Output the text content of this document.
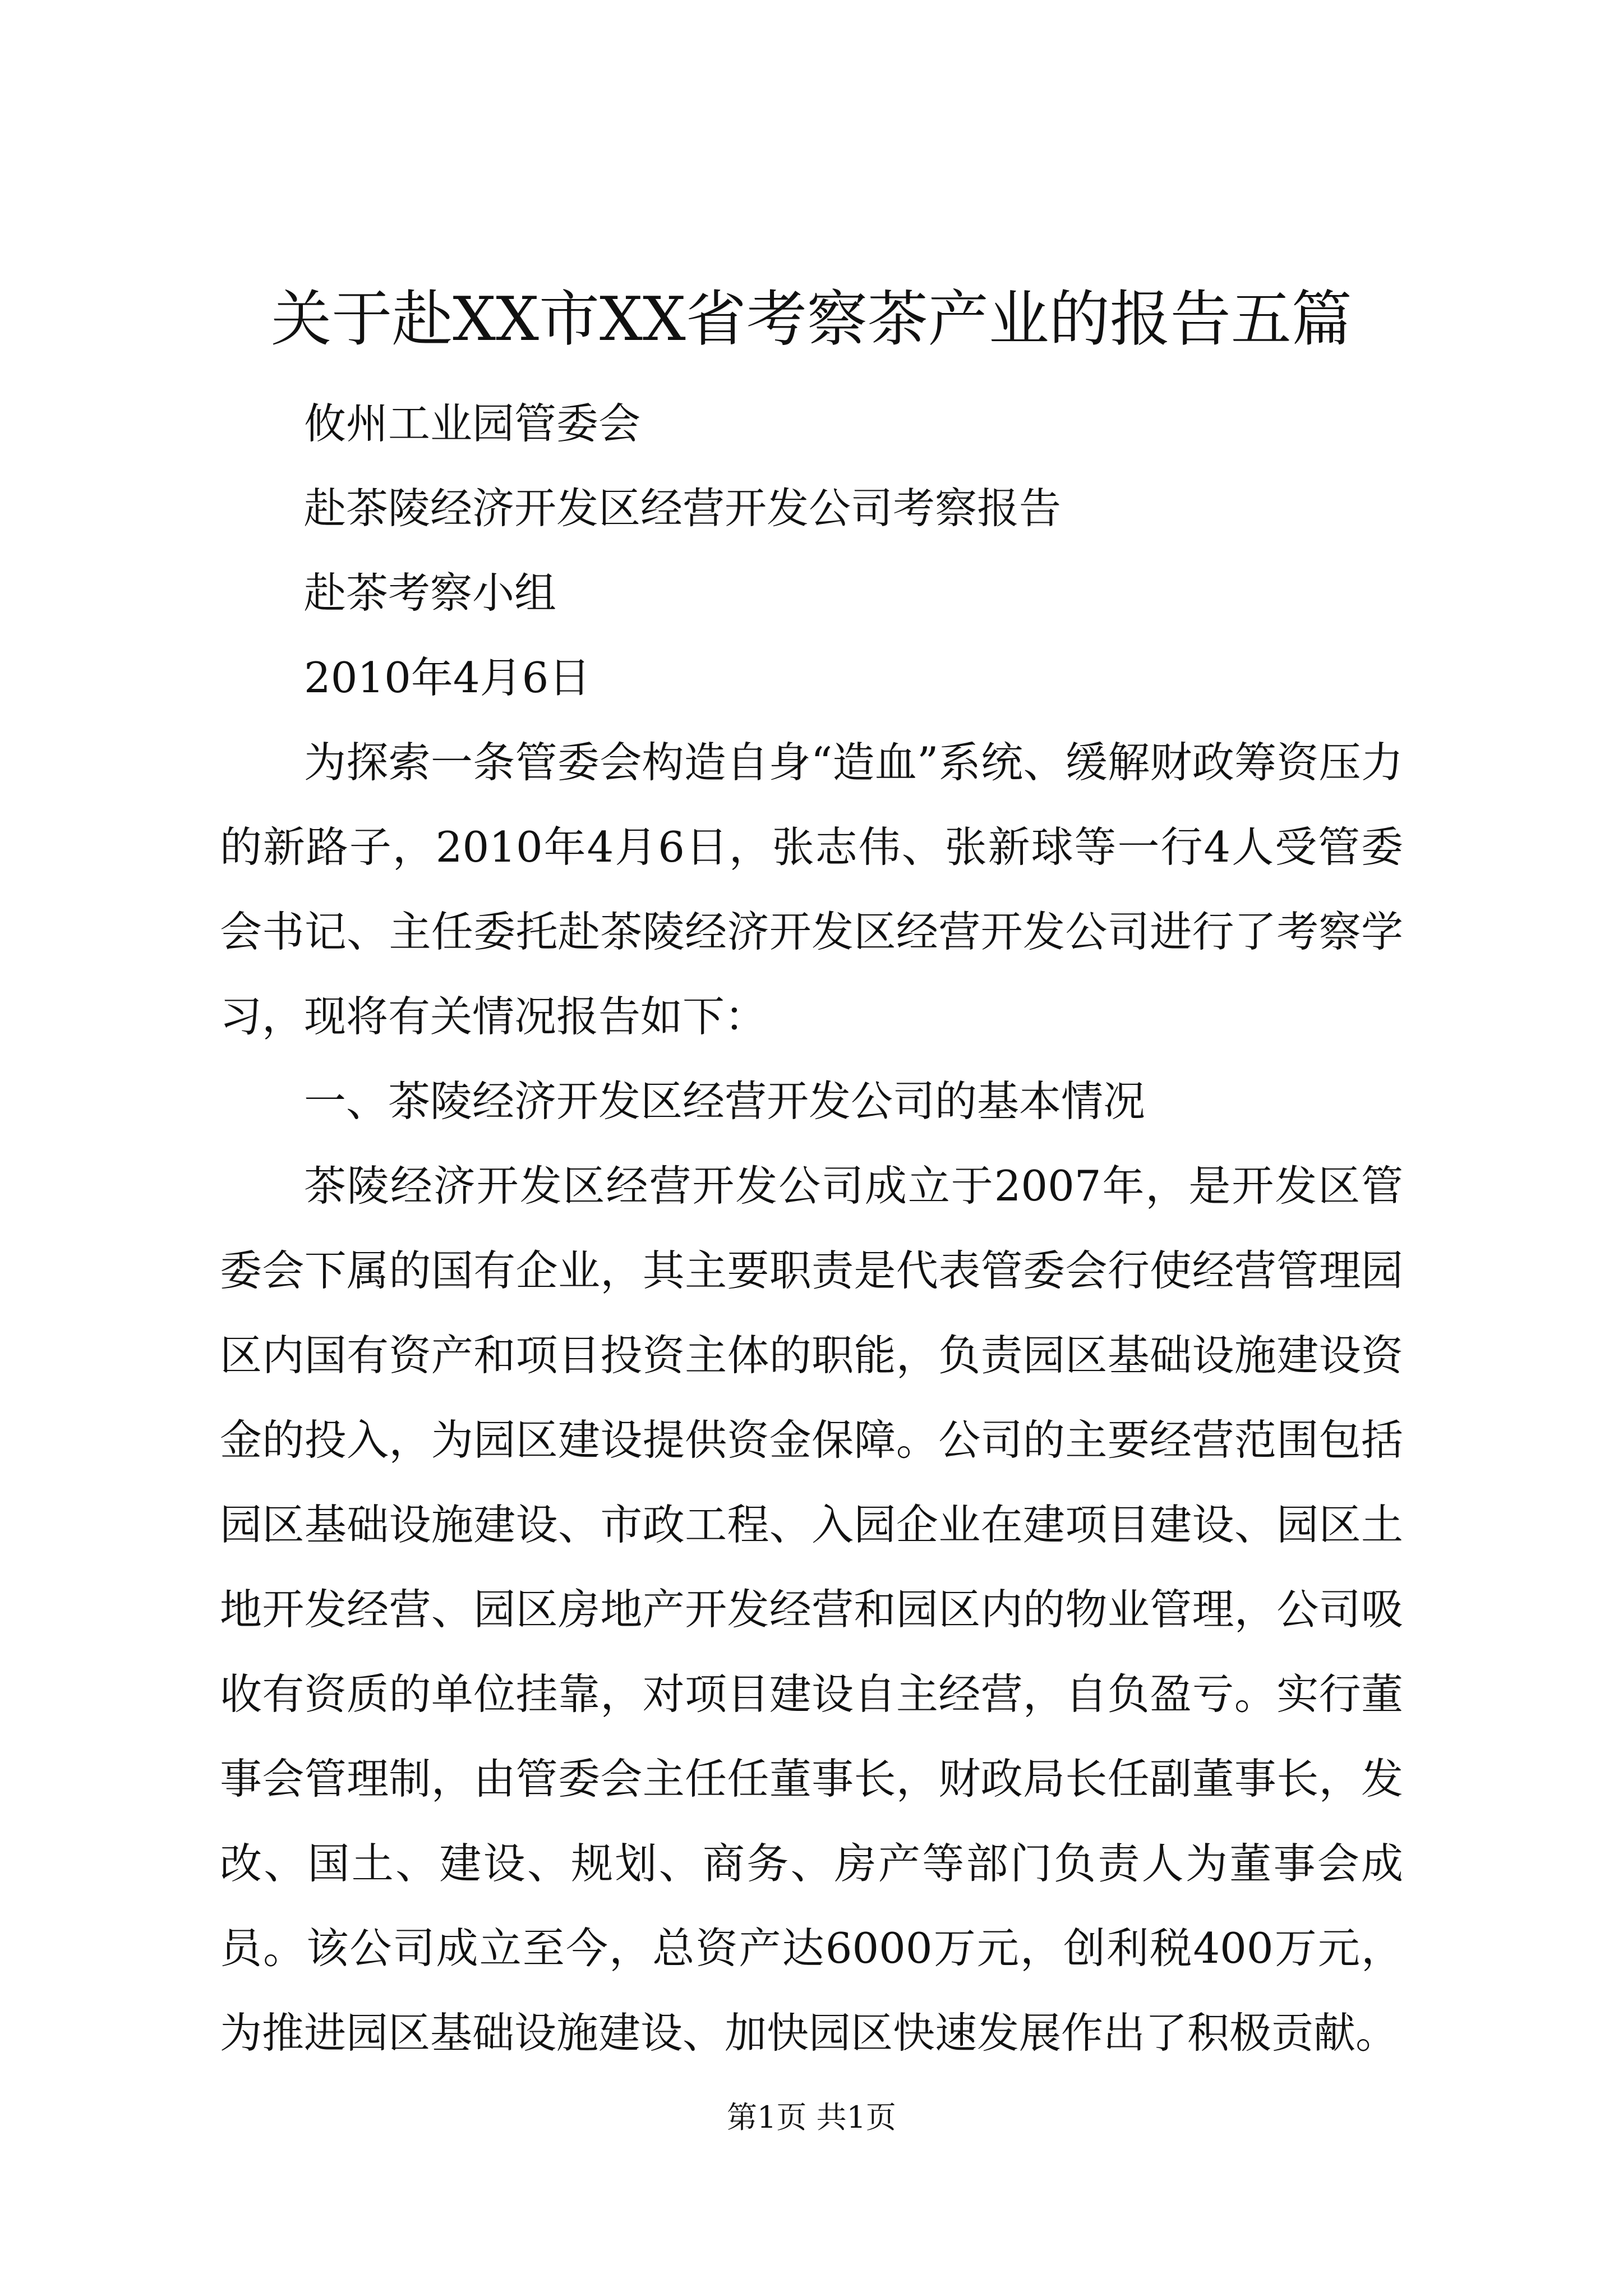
关于赴XX市XX省考察茶产业的报告五篇

攸州工业园管委会

赴茶陵经济开发区经营开发公司考察报告

赴茶考察小组

2010年4月6日

为探索一条管委会构造自身“造血”系统、缓解财政筹资压力的新路子，2010年4月6日，张志伟、张新球等一行4人受管委会书记、主任委托赴茶陵经济开发区经营开发公司进行了考察学习，现将有关情况报告如下：

一、茶陵经济开发区经营开发公司的基本情况

茶陵经济开发区经营开发公司成立于2007年，是开发区管委会下属的国有企业，其主要职责是代表管委会行使经营管理园区内国有资产和项目投资主体的职能，负责园区基础设施建设资金的投入，为园区建设提供资金保障。公司的主要经营范围包括园区基础设施建设、市政工程、入园企业在建项目建设、园区土地开发经营、园区房地产开发经营和园区内的物业管理，公司吸收有资质的单位挂靠，对项目建设自主经营，自负盈亏。实行董事会管理制，由管委会主任任董事长，财政局长任副董事长，发改、国土、建设、规划、商务、房产等部门负责人为董事会成员。该公司成立至今，总资产达6000万元，创利税400万元，为推进园区基础设施建设、加快园区快速发展作出了积极贡献。

第1页 共1页
